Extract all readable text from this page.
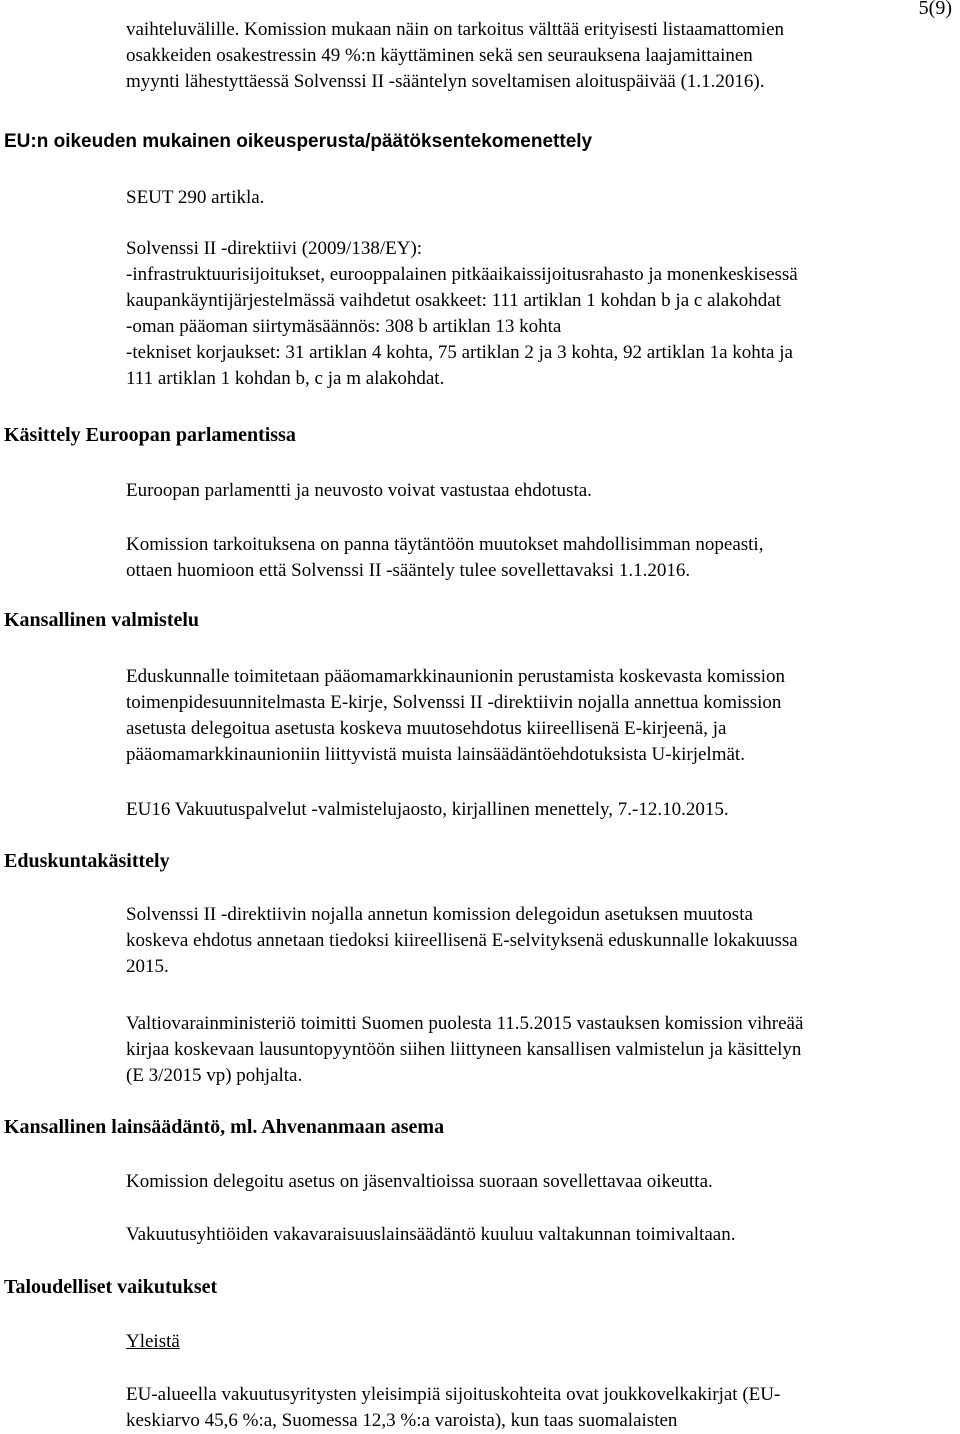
5(9)

vaihteluvälille. Komission mukaan näin on tarkoitus välttää erityisesti listaamattomien
osakkeiden osakestressin 49 %:n käyttäminen sekä sen seurauksena laajamittainen
myynti lähestyttäessä Solvenssi II -sääntelyn soveltamisen aloituspäivää (1.1.2016).

EU:n oikeuden mukainen oikeusperusta/päätöksentekomenettely

SEUT 290 artikla.

Solvenssi II -direktiivi (2009/138/EY):
-infrastruktuurisijoitukset, eurooppalainen pitkäaikaissijoitusrahasto ja monenkeskisessä
kaupankäyntijärjestelmässä vaihdetut osakkeet: 111 artiklan 1 kohdan b ja c alakohdat
-oman pääoman siirtymäsäännös: 308 b artiklan 13 kohta
-tekniset korjaukset: 31 artiklan 4 kohta, 75 artiklan 2 ja 3 kohta, 92 artiklan 1a kohta ja
111 artiklan 1 kohdan b, c ja m alakohdat.

Käsittely Euroopan parlamentissa

Euroopan parlamentti ja neuvosto voivat vastustaa ehdotusta.

Komission tarkoituksena on panna täytäntöön muutokset mahdollisimman nopeasti,
ottaen huomioon että Solvenssi II -sääntely tulee sovellettavaksi 1.1.2016.

Kansallinen valmistelu

Eduskunnalle toimitetaan pääomamarkkinaunionin perustamista koskevasta komission
toimenpidesuunnitelmasta E-kirje, Solvenssi II -direktiivin nojalla annettua komission
asetusta delegoitua asetusta koskeva muutosehdotus kiireellisenä E-kirjeenä, ja
pääomamarkkinaunioniin liittyvistä muista lainsäädäntöehdotuksista U-kirjelmät.

EU16 Vakuutuspalvelut -valmistelujaosto, kirjallinen menettely, 7.-12.10.2015.

Eduskuntakäsittely

Solvenssi II -direktiivin nojalla annetun komission delegoidun asetuksen muutosta
koskeva ehdotus annetaan tiedoksi kiireellisenä E-selvityksenä eduskunnalle lokakuussa
2015.

Valtiovarainministeriö toimitti Suomen puolesta 11.5.2015 vastauksen komission vihreää
kirjaa koskevaan lausuntopyyntöön siihen liittyneen kansallisen valmistelun ja käsittelyn
(E 3/2015 vp) pohjalta.

Kansallinen lainsäädäntö, ml. Ahvenanmaan asema

Komission delegoitu asetus on jäsenvaltioissa suoraan sovellettavaa oikeutta.

Vakuutusyhtiöiden vakavaraisuuslainsäädäntö kuuluu valtakunnan toimivaltaan.

Taloudelliset vaikutukset

Yleistä

EU-alueella vakuutusyritysten yleisimpiä sijoituskohteita ovat joukkovelkakirjat (EU-
keskiarvo 45,6 %:a, Suomessa 12,3 %:a varoista), kun taas suomalaisten
